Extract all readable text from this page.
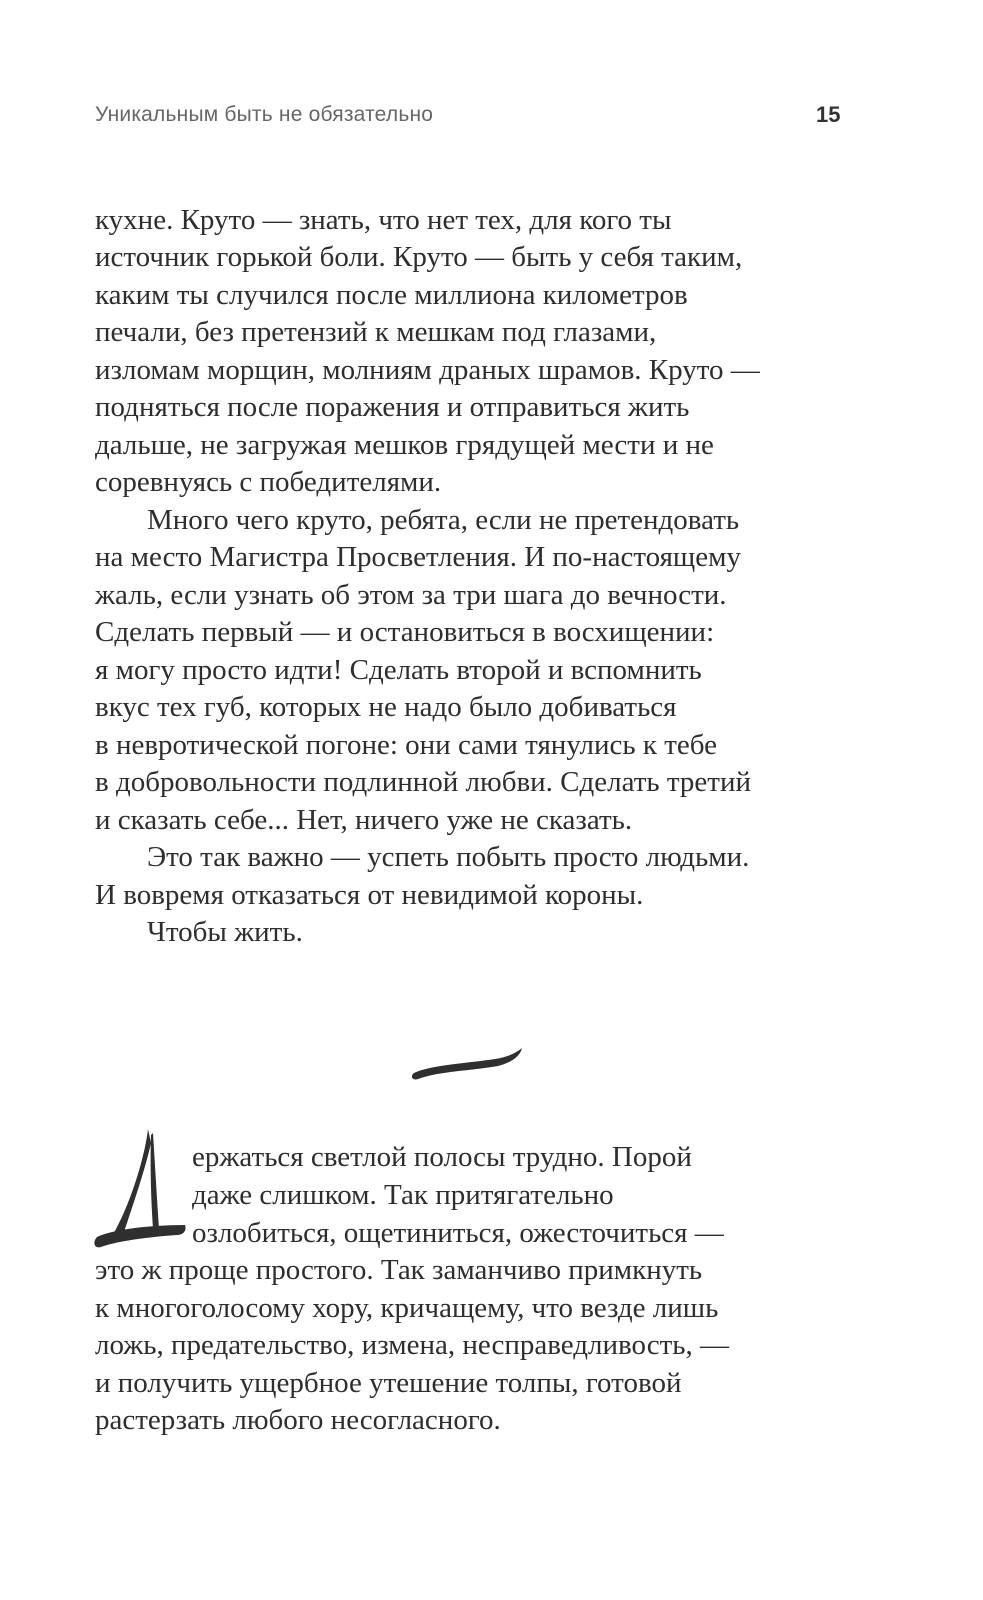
Уникальным быть не обязательно	15
кухне. Круто — знать, что нет тех, для кого ты
источник горькой боли. Круто — быть у себя таким,
каким ты случился после миллиона километров
печали, без претензий к мешкам под глазами,
изломам морщин, молниям драных шрамов. Круто —
подняться после поражения и отправиться жить
дальше, не загружая мешков грядущей мести и не
соревнуясь с победителями.
Много чего круто, ребята, если не претендовать
на место Магистра Просветления. И по-настоящему
жаль, если узнать об этом за три шага до вечности.
Сделать первый — и остановиться в восхищении:
я могу просто идти! Сделать второй и вспомнить
вкус тех губ, которых не надо было добиваться
в невротической погоне: они сами тянулись к тебе
в добровольности подлинной любви. Сделать третий
и сказать себе... Нет, ничего уже не сказать.
Это так важно — успеть побыть просто людьми.
И вовремя отказаться от невидимой короны.
Чтобы жить.
ержаться светлой полосы трудно. Порой
даже слишком. Так притягательно
озлобиться, ощетиниться, ожесточиться —
это ж проще простого. Так заманчиво примкнуть
к многоголосому хору, кричащему, что везде лишь
ложь, предательство, измена, несправедливость, —
и получить ущербное утешение толпы, готовой
растерзать любого несогласного.
